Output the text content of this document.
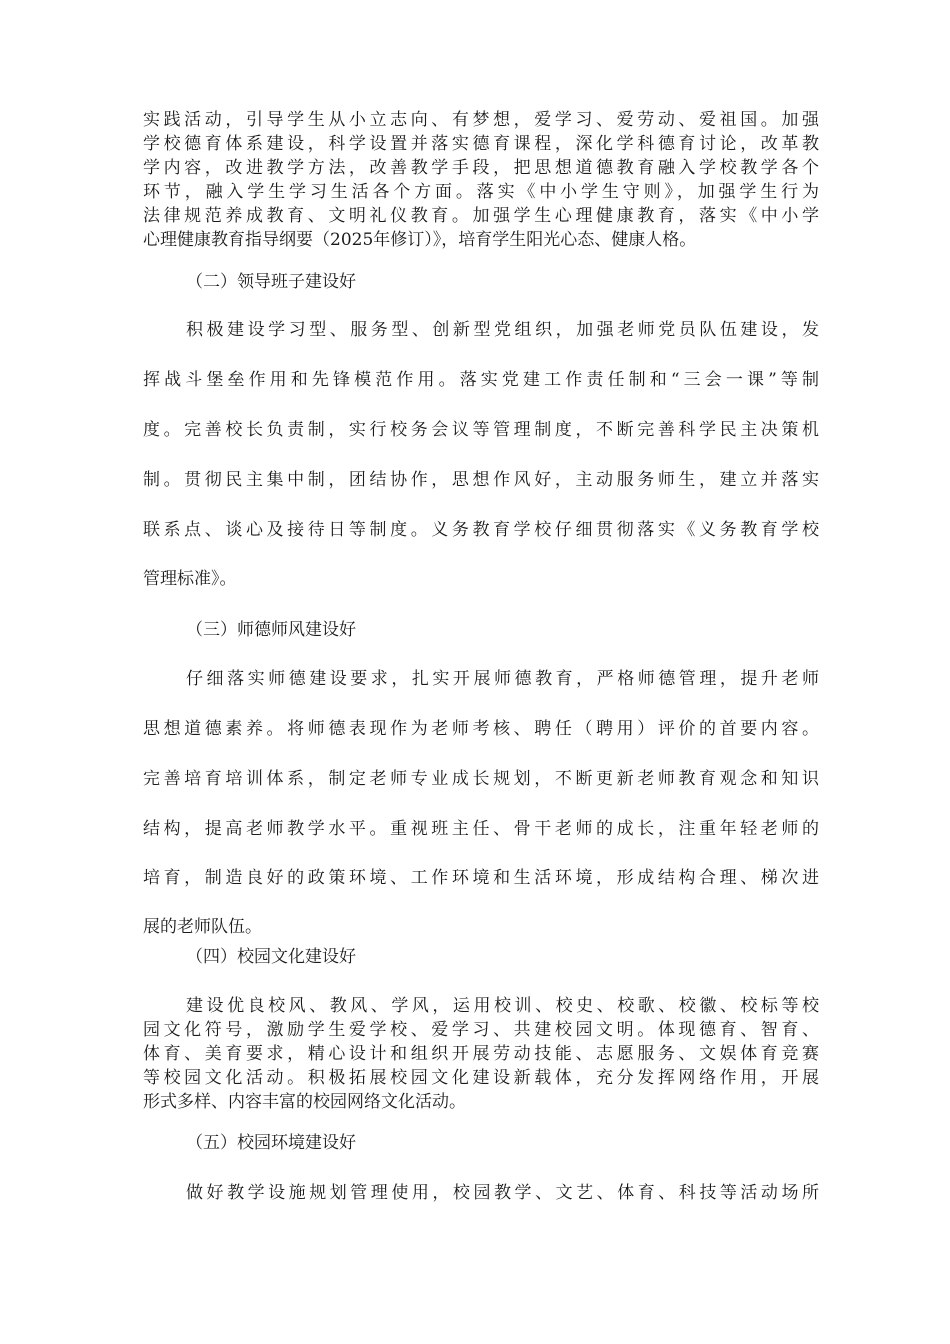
实践活动，引导学生从小立志向、有梦想，爱学习、爱劳动、爱祖国。加强
学校德育体系建设，科学设置并落实德育课程，深化学科德育讨论，改革教
学内容，改进教学方法，改善教学手段，把思想道德教育融入学校教学各个
环节，融入学生学习生活各个方面。落实《中小学生守则》，加强学生行为
法律规范养成教育、文明礼仪教育。加强学生心理健康教育，落实《中小学
心理健康教育指导纲要（2025年修订）》，培育学生阳光心态、健康人格。
（二）领导班子建设好
积极建设学习型、服务型、创新型党组织，加强老师党员队伍建设，发
挥战斗堡垒作用和先锋模范作用。落实党建工作责任制和“三会一课”等制
度。完善校长负责制，实行校务会议等管理制度，不断完善科学民主决策机
制。贯彻民主集中制，团结协作，思想作风好，主动服务师生，建立并落实
联系点、谈心及接待日等制度。义务教育学校仔细贯彻落实《义务教育学校
管理标准》。
（三）师德师风建设好
仔细落实师德建设要求，扎实开展师德教育，严格师德管理，提升老师
思想道德素养。将师德表现作为老师考核、聘任（聘用）评价的首要内容。
完善培育培训体系，制定老师专业成长规划，不断更新老师教育观念和知识
结构，提高老师教学水平。重视班主任、骨干老师的成长，注重年轻老师的
培育，制造良好的政策环境、工作环境和生活环境，形成结构合理、梯次进
展的老师队伍。
（四）校园文化建设好
建设优良校风、教风、学风，运用校训、校史、校歌、校徽、校标等校
园文化符号，激励学生爱学校、爱学习、共建校园文明。体现德育、智育、
体育、美育要求，精心设计和组织开展劳动技能、志愿服务、文娱体育竞赛
等校园文化活动。积极拓展校园文化建设新载体，充分发挥网络作用，开展
形式多样、内容丰富的校园网络文化活动。
（五）校园环境建设好
做好教学设施规划管理使用，校园教学、文艺、体育、科技等活动场所
